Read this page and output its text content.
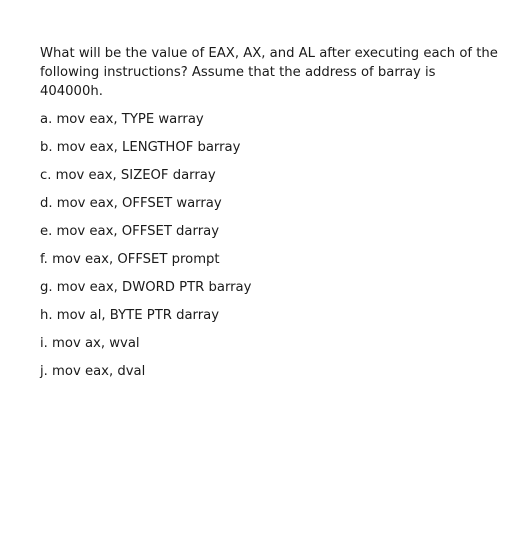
What will be the value of EAX, AX, and AL after executing each of the following instructions? Assume that the address of barray is 404000h.

a. mov eax, TYPE warray
b. mov eax, LENGTHOF barray
c. mov eax, SIZEOF darray
d. mov eax, OFFSET warray
e. mov eax, OFFSET darray
f. mov eax, OFFSET prompt
g. mov eax, DWORD PTR barray
h. mov al, BYTE PTR darray
i. mov ax, wval
j. mov eax, dval
